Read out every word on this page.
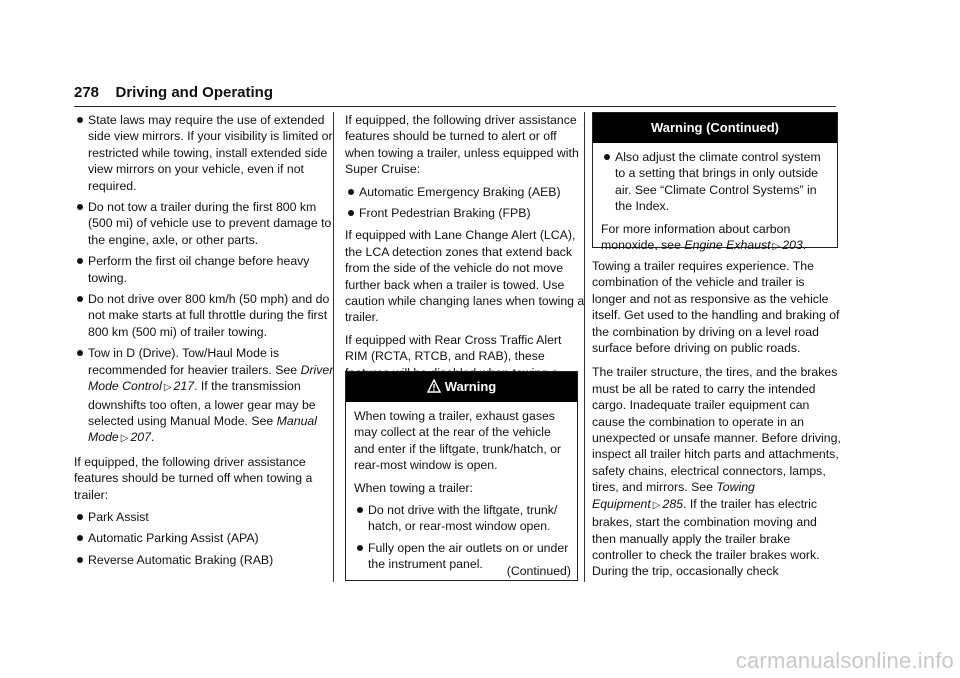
278 Driving and Operating
State laws may require the use of extended side view mirrors. If your visibility is limited or restricted while towing, install extended side view mirrors on your vehicle, even if not required.
Do not tow a trailer during the first 800 km (500 mi) of vehicle use to prevent damage to the engine, axle, or other parts.
Perform the first oil change before heavy towing.
Do not drive over 800 km/h (50 mph) and do not make starts at full throttle during the first 800 km (500 mi) of trailer towing.
Tow in D (Drive). Tow/Haul Mode is recommended for heavier trailers. See Driver Mode Control ▷ 217. If the transmission downshifts too often, a lower gear may be selected using Manual Mode. See Manual Mode ▷ 207.

If equipped, the following driver assistance features should be turned off when towing a trailer:

Park Assist
Automatic Parking Assist (APA)
Reverse Automatic Braking (RAB)

If equipped, the following driver assistance features should be turned to alert or off when towing a trailer, unless equipped with Super Cruise:

Automatic Emergency Braking (AEB)
Front Pedestrian Braking (FPB)

If equipped with Lane Change Alert (LCA), the LCA detection zones that extend back from the side of the vehicle do not move further back when a trailer is towed. Use caution while changing lanes when towing a trailer.

If equipped with Rear Cross Traffic Alert RIM (RCTA, RTCB, and RAB), these

Warning

When towing a trailer, exhaust gases may collect at the rear of the vehicle and enter if the liftgate, trunk/hatch, or rear-most window is open.

When towing a trailer:

Do not drive with the liftgate, trunk/ hatch, or rear-most window open.
Fully open the air outlets on or under the instrument panel.	(Continued)
Warning (Continued)
Also adjust the climate control system to a setting that brings in only outside air. See “Climate Control Systems” in the Index.

For more information about carbon monoxide, see Engine Exhaust ▷ 203.

Towing a trailer requires experience. The combination of the vehicle and trailer is longer and not as responsive as the vehicle itself. Get used to the handling and braking of the combination by driving on a level road surface before driving on public roads.

The trailer structure, the tires, and the brakes must be all be rated to carry the intended cargo. Inadequate trailer equipment can cause the combination to operate in an unexpected or unsafe manner. Before driving, inspect all trailer hitch parts and attachments, safety chains, electrical connectors, lamps, tires, and mirrors. See Towing Equipment ▷ 285. If the trailer has electric brakes, start the combination moving and then manually apply the trailer brake controller to check the trailer brakes work. During the trip, occasionally check

carmanualsonline.info
